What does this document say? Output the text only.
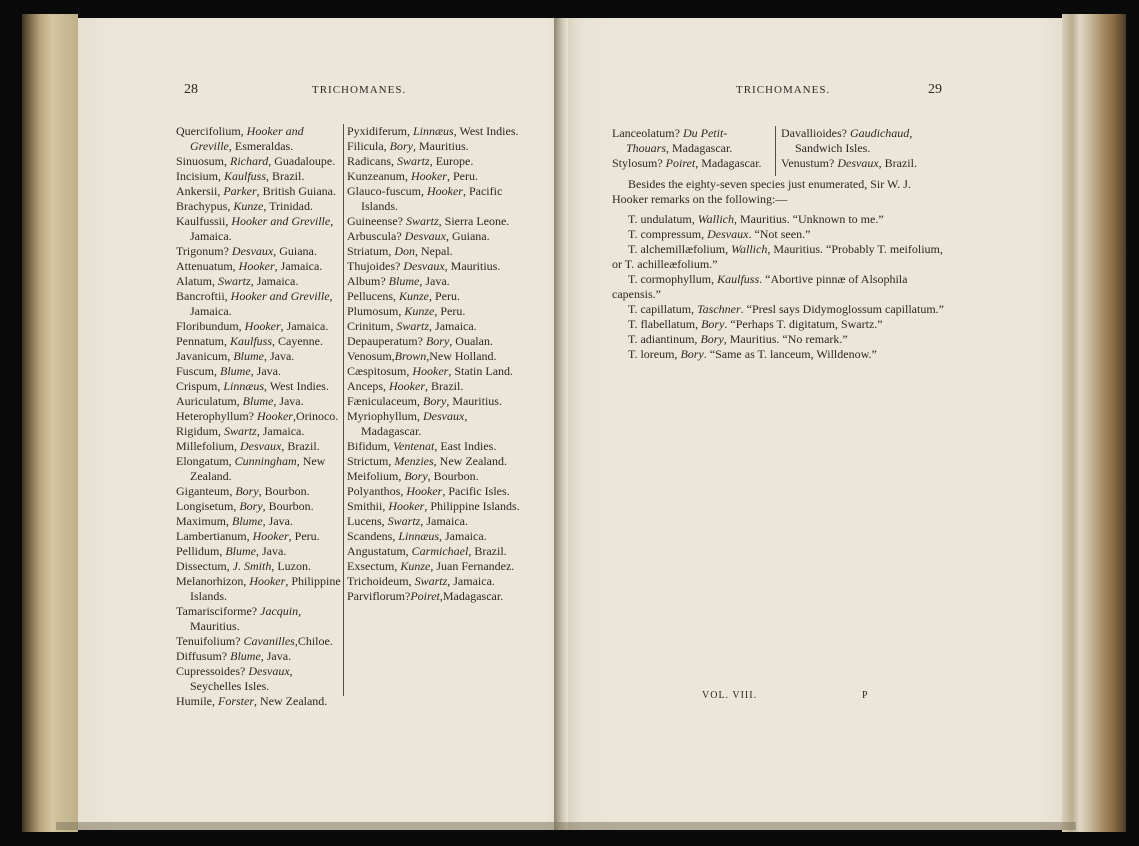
28	TRICHOMANES.

Quercifolium, Hooker and Greville, Esmeraldas.

Sinuosum, Richard, Guadaloupe.

Incisium, Kaulfuss, Brazil.

Ankersii, Parker, British Guiana.

Brachypus, Kunze, Trinidad.

Kaulfussii, Hooker and Greville, Jamaica.

Trigonum? Desvaux, Guiana.

Attenuatum, Hooker, Jamaica.

Alatum, Swartz, Jamaica.

Bancroftii, Hooker and Greville, Jamaica.

Floribundum, Hooker, Jamaica.

Pennatum, Kaulfuss, Cayenne.

Javanicum, Blume, Java.

Fuscum, Blume, Java.

Crispum, Linnæus, West Indies.

Auriculatum, Blume, Java.

Heterophyllum? Hooker,Orinoco.

Rigidum, Swartz, Jamaica.

Millefolium, Desvaux, Brazil.

Elongatum, Cunningham, New Zealand.

Giganteum, Bory, Bourbon.

Longisetum, Bory, Bourbon.

Maximum, Blume, Java.

Lambertianum, Hooker, Peru.

Pellidum, Blume, Java.

Dissectum, J. Smith, Luzon.

Melanorhizon, Hooker, Philippine Islands.

Tamarisciforme? Jacquin, Mauritius.

Tenuifolium? Cavanilles,Chiloe.

Diffusum? Blume, Java.

Cupressoides? Desvaux, Seychelles Isles.

Humile, Forster, New Zealand.

Pyxidiferum, Linnæus, West Indies.

Filicula, Bory, Mauritius.

Radicans, Swartz, Europe.

Kunzeanum, Hooker, Peru.

Glauco-fuscum, Hooker, Pacific Islands.

Guineense? Swartz, Sierra Leone.

Arbuscula? Desvaux, Guiana.

Striatum, Don, Nepal.

Thujoides? Desvaux, Mauritius.

Album? Blume, Java.

Pellucens, Kunze, Peru.

Plumosum, Kunze, Peru.

Crinitum, Swartz, Jamaica.

Depauperatum? Bory, Oualan.

Venosum,Brown,New Holland.

Cæspitosum, Hooker, Statin Land.

Anceps, Hooker, Brazil.

Fæniculaceum, Bory, Mauritius.

Myriophyllum, Desvaux, Madagascar.

Bifidum, Ventenat, East Indies.

Strictum, Menzies, New Zealand.

Meifolium, Bory, Bourbon.

Polyanthos, Hooker, Pacific Isles.

Smithii, Hooker, Philippine Islands.

Lucens, Swartz, Jamaica.

Scandens, Linnæus, Jamaica.

Angustatum, Carmichael, Brazil.

Exsectum, Kunze, Juan Fernandez.

Trichoideum, Swartz, Jamaica.

Parviflorum?Poiret,Madagascar.

TRICHOMANES.	29

Lanceolatum? Du Petit-Thouars, Madagascar.

Stylosum? Poiret, Madagascar.

Davallioides? Gaudichaud, Sandwich Isles.

Venustum? Desvaux, Brazil.

Besides the eighty-seven species just enumerated, Sir W. J. Hooker remarks on the following:—

T. undulatum, Wallich, Mauritius. “Unknown to me.”

T. compressum, Desvaux. “Not seen.”

T. alchemillæfolium, Wallich, Mauritius. “Probably T. meifolium, or T. achilleæfolium.”

T. cormophyllum, Kaulfuss. “Abortive pinnæ of Alsophila capensis.”

T. capillatum, Taschner. “Presl says Didymoglossum capillatum.”

T. flabellatum, Bory. “Perhaps T. digitatum, Swartz.”

T. adiantinum, Bory, Mauritius. “No remark.”

T. loreum, Bory. “Same as T. lanceum, Willdenow.”

VOL. VIII.	P
